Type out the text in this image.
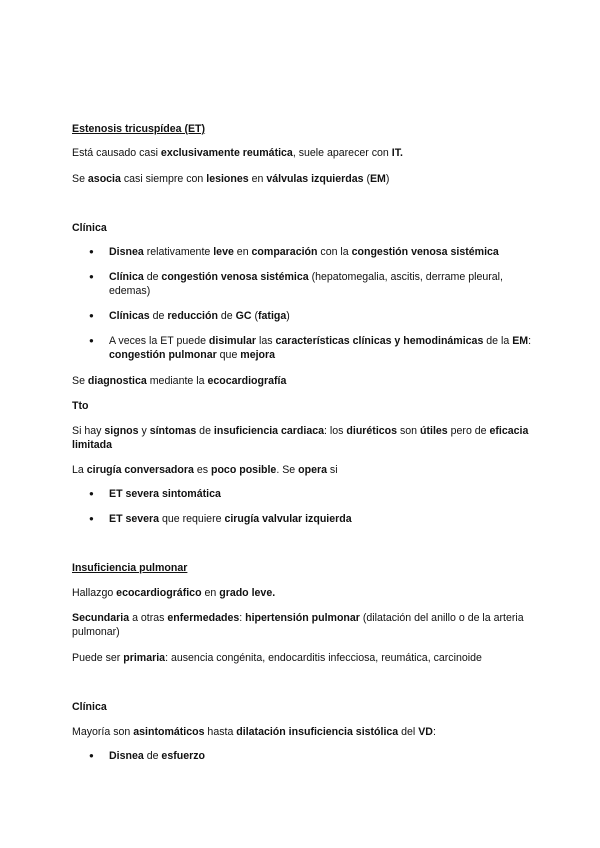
Estenosis tricuspídea (ET)

Está causado casi exclusivamente reumática, suele aparecer con IT.

Se asocia casi siempre con lesiones en válvulas izquierdas (EM)

Clínica
● Disnea relativamente leve en comparación con la congestión venosa sistémica
● Clínica de congestión venosa sistémica (hepatomegalia, ascitis, derrame pleural, edemas)
● Clínicas de reducción de GC (fatiga)
● A veces la ET puede disimular las características clínicas y hemodinámicas de la EM: congestión pulmonar que mejora

Se diagnostica mediante la ecocardiografía

Tto

Si hay signos y síntomas de insuficiencia cardiaca: los diuréticos son útiles pero de eficacia limitada

La cirugía conversadora es poco posible. Se opera si

● ET severa sintomática
● ET severa que requiere cirugía valvular izquierda
Insuficiencia pulmonar

Hallazgo ecocardiográfico en grado leve.

Secundaria a otras enfermedades: hipertensión pulmonar (dilatación del anillo o de la arteria pulmonar)

Puede ser primaria: ausencia congénita, endocarditis infecciosa, reumática, carcinoide

Clínica

Mayoría son asintomáticos hasta dilatación insuficiencia sistólica del VD:

● Disnea de esfuerzo
